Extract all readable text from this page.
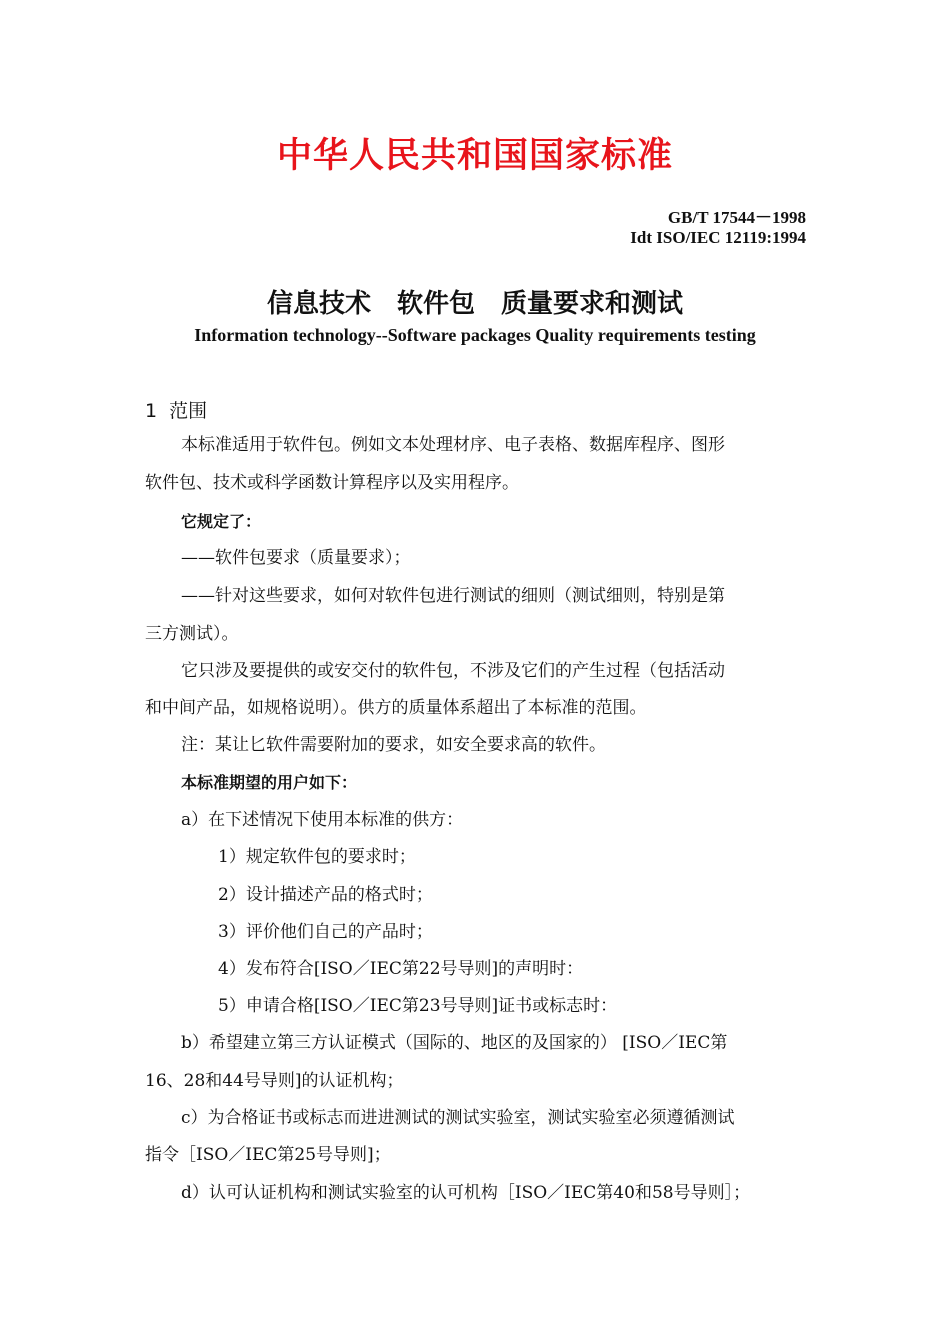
中华人民共和国国家标准
GB/T 17544－1998
Idt ISO/IEC 12119:1994
信息技术　软件包　质量要求和测试
Information technology--Software packages Quality requirements testing
1  范围
本标准适用于软件包。例如文本处理材序、电子表格、数据库程序、图形
软件包、技术或科学函数计算程序以及实用程序。
它规定了：
——软件包要求（质量要求）；
——针对这些要求，如何对软件包进行测试的细则（测试细则，特别是第
三方测试）。
它只涉及要提供的或安交付的软件包，不涉及它们的产生过程（包括活动
和中间产品，如规格说明）。供方的质量体系超出了本标准的范围。
注：某让匕软件需要附加的要求，如安全要求高的软件。
本标准期望的用户如下：
a）在下述情况下使用本标准的供方：
1）规定软件包的要求时；
2）设计描述产品的格式时；
3）评价他们自己的产品时；
4）发布符合[ISO／IEC第22号导则]的声明时：
5）申请合格[ISO／IEC第23号导则]证书或标志时：
b）希望建立第三方认证模式（国际的、地区的及国家的） [ISO／IEC第
16、28和44号导则]的认证机构；
c）为合格证书或标志而进进测试的测试实验室，测试实验室必须遵循测试
指令［ISO／IEC第25号导则]；
d）认可认证机构和测试实验室的认可机构［ISO／IEC第40和58号导则］；
